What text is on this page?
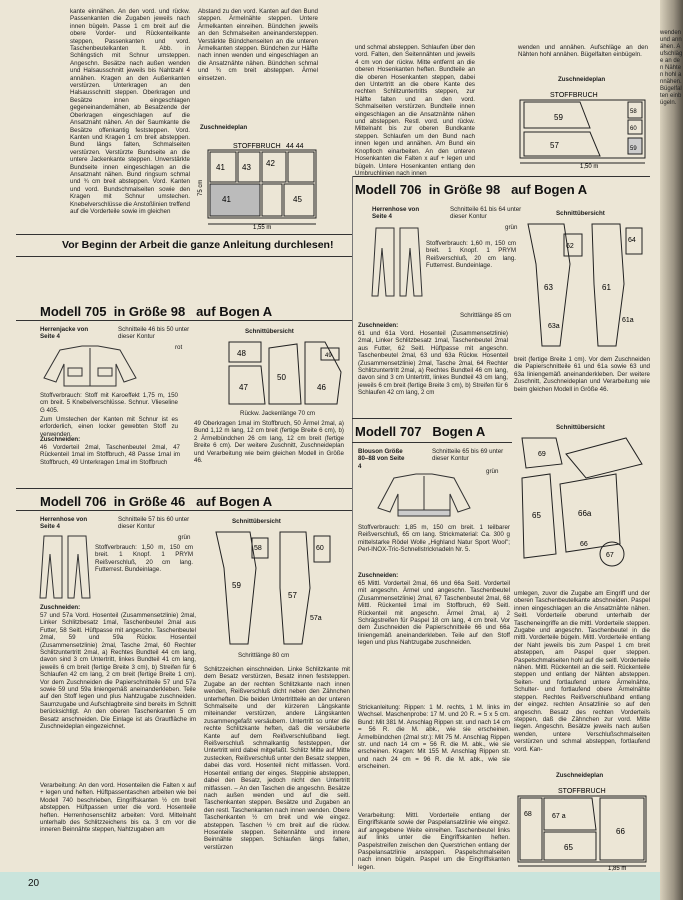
kante einnähen. An den vord. und rückw. Passenkanten die Zugaben jeweils nach innen bügeln. Passe 1 cm breit auf die obere Vorder- und Rückenteilkante steppen, Passenkanten und vord. Taschenbeutelkanten It. Abb. in Schlingstich mit Schnur umsteppen. Angeschn. Besätze nach außen wenden und Halsausschnitt jeweils bis Nahtzahl 4 annähen. Kragen an den Außenkanten verstürzen. Unterkragen an den Halsausschnitt steppen. Oberkragen und Besätze innen eingeschlagen gegeneinandernähen, ab Besatzende der Oberkragen eingeschlagen auf die Ansatznaht nähen. An der Saumkante die Besätze offenkantig feststeppen. Vord. Kanten und Kragen 1 cm breit absteppen. Bund längs falten, Schmalseiten verstürzen. Verstürzte Bundseite an die untere Jackenkante steppen. Unverstärkte Bundseite innen eingeschlagen an die Ansatznaht nähen. Bund ringsum schmal und ¾ cm breit absteppen. Vord. Kanten und vord. Bundschmalseiten sowie den Kragen mit Schnur umstechen. Knebelverschlüsse die Anstoßlinien treffend auf die Vorderteile sowie im gleichen
Abstand zu den vord. Kanten auf den Bund steppen. Ärmelnähte steppen. Untere Ärmelkanten einreihen. Bündchen jeweils an den Schmalseiten aneinandersteppen. Verstärkte Bündchenseiten an die unteren Ärmelkanten steppen. Bündchen zur Hälfte nach innen wenden und eingeschlagen an die Ansatznähte nähen. Bündchen schmal und ¾ cm breit absteppen. Ärmel einsetzen.
Zuschneideplan
STOFFBRUCH 44 44
41 43 42
41	45
75 cm
1,55 m
und schmal absteppen. Schlaufen über den vord. Falten, den Seitennähten und jeweils 4 cm von der rückw. Mitte entfernt an die oberen Hosenkanten heften. Bundteile an die oberen Hosenkanten steppen, dabei den Untertritt an die obere Kante des rechten Schlitzuntertritts steppen, zur Hälfte falten und an den vord. Schmalseiten verstürzen. Bundteile innen eingeschlagen an die Ansatznähte nähen und absteppen. Restl. vord. und rückw. Mittelnaht bis zur oberen Bundkante steppen. Schlaufen um den Bund nach innen legen und annähen. Am Bund ein Knopfloch einarbeiten. An den unteren Hosenkanten die Falten x auf + legen und bügeln. Untere Hosenkanten entlang den Umbruchlinien nach innen
wenden und annähen. Aufschläge an den Nähten hohl annähen. Bügelfalten einbügeln.
Zuschneideplan
STOFFBRUCH
59
57
58
60
59
1,50 m
Modell 706 in Größe 98 auf Bogen A
Vor Beginn der Arbeit die ganze Anleitung durchlesen!
Modell 705 in Größe 98 auf Bogen A
Herrenjacke von Seite 4
Schnitteile 46 bis 50 unter dieser Kontur
rot
Schnittübersicht
48
47
50
46
49
Rückw. Jackenlänge 70 cm
Stoffverbrauch: Stoff mit Karoeffekt 1,75 m, 150 cm breit. 5 Knebelverschlüsse. Schnur. Vlieseline G 405.
Zum Umstechen der Kanten mit Schnur ist es erforderlich, einen locker gewebten Stoff zu verwenden.
Zuschneiden:
46 Vorderteil 2mal, Taschenbeutel 2mal, 47 Rückenteil 1mal im Stoffbruch, 48 Passe 1mal im Stoffbruch, 49 Unterkragen 1mal im Stoffbruch
49 Oberkragen 1mal im Stoffbruch, 50 Ärmel 2mal, a) Bund 1,12 m lang, 12 cm breit (fertige Breite 6 cm), b) 2 Ärmelbündchen 26 cm lang, 12 cm breit (fertige Breite 6 cm). Der weitere Zuschnitt, Zuschneideplan und Verarbeitung wie beim gleichen Modell in Größe 46.
Modell 706 in Größe 46 auf Bogen A
Herrenhose von Seite 4
Schnitteile 57 bis 60 unter dieser Kontur
grün
Stoffverbrauch: 1,50 m, 150 cm breit. 1 Knopf. 1 PRYM Reißverschluß, 20 cm lang. Futterrest. Bundeinlage.
Schnittübersicht
59
57
60
58
57a
Schrittlänge 80 cm
Zuschneiden:
57 und 57a Vord. Hosenteil (Zusammensetzlinie) 2mal, Linker Schlitzbesatz 1mal, Taschenbeutel 2mal aus Futter, 58 Seitl. Hüftpasse mit angeschn. Taschenbeutel 2mal, 59 und 59a Rückw. Hosenteil (Zusammensetzlinie) 2mal, Tasche 2mal, 60 Rechter Schlitzuntertritt 2mal, a) Rechtes Bundteil 44 cm lang, davon sind 3 cm Untertritt, linkes Bundteil 41 cm lang, jeweils 6 cm breit (fertige Breite 3 cm), b) Streifen für 6 Schlaufen 42 cm lang, 2 cm breit (fertige Breite 1 cm). Vor dem Zuschneiden die Papierschnitteile 57 und 57a sowie 59 und 59a liniengemäß aneinanderkleben. Teile auf den Stoff legen und plus Nahtzugabe zuschneiden. Saumzugabe und Aufschlagbreite sind bereits im Schnitt berücksichtigt. An den oberen Taschenkanten 5 cm Besatz anschneiden. Die Einlage ist als Grautfläche im Zuschneideplan eingezeichnet.
Verarbeitung: An den vord. Hosenteilen die Falten x auf + legen und heften. Hüftpassentaschen arbeiten wie bei Modell 740 beschrieben, Eingriffskanten ½ cm breit absteppen. Hüftpassen unter die vord. Hosenteile heften. Herrenhosenschlitz arbeiten: Vord. Mittelnaht unterhalb des Schlitzzeichens bis ca. 3 cm vor die inneren Beinnähte steppen, Nahtzugaben am
Schlitzzeichen einschneiden. Linke Schlitzkante mit dem Besatz verstürzen, Besatz innen feststeppen. Zugabe an der rechten Schlitzkante nach innen wenden, Reißverschluß dicht neben den Zähnchen unterheften. Die beiden Untertrittteile an der unteren Schmalseite und der kürzeren Längskante miteinander verstürzen, andere Längskanten zusammengefaßt versäubern. Untertritt so unter die rechte Schlitzkante heften, daß die versäuberte Kante auf dem Reißverschlußband liegt. Reißverschluß schmalkantig feststeppen, der Untertritt wird dabei mitgefaßt. Schlitz Mitte auf Mitte zustecken, Reißverschluß unter den Besatz steppen, dabei das vord. Hosenteil nicht mitfassen. Vord. Hosenteil entlang der einges. Steppinie absteppen, dabei den Besatz, jedoch nicht den Untertritt mitfassen. – An den Taschen die angeschn. Besätze nach außen wenden und auf die seitl. Taschenkanten steppen. Besätze und Zugaben an den restl. Taschenkanten nach innen wenden. Obere Taschenkanten ½ cm breit und wie eingez. absteppen. Taschen ½ cm breit auf die rückw. Hosenteile steppen. Seitennähte und innere Beinnähte steppen. Schlaufen längs falten, verstürzen
Herrenhose von Seite 4
Schnitteile 61 bis 64 unter dieser Kontur
grün
Stoffverbrauch: 1,60 m, 150 cm breit. 1 Knopf. 1 PRYM Reißverschluß, 20 cm lang. Futterrest. Bundeinlage.
Schrittlänge 85 cm
Schnittübersicht
63	61
62
64
63a
61a
Zuschneiden:
61 und 61a Vord. Hosenteil (Zusammensetzlinie) 2mal, Linker Schlitzbesatz 1mal, Taschenbeutel 2mal aus Futter, 62 Seitl. Hüftpasse mit angeschn. Taschenbeutel 2mal, 63 und 63a Rückw. Hosenteil (Zusammensetzlinie) 2mal, Tasche 2mal, 64 Rechter Schlitzuntertritt 2mal, a) Rechtes Bundteil 46 cm lang, davon sind 3 cm Untertritt, linkes Bundteil 43 cm lang, jeweils 6 cm breit (fertige Breite 3 cm), b) Streifen für 6 Schlaufen 42 cm lang, 2 cm
breit (fertige Breite 1 cm). Vor dem Zuschneiden die Papierschnitteile 61 und 61a sowie 63 und 63a liniengemäß aneinanderkleben. Der weitere Zuschnitt, Zuschneideplan und Verarbeitung wie beim gleichen Modell in Größe 46.
Modell 707 Bogen A
Blouson Größe 80–88 von Seite 4
Schnitteile 65 bis 69 unter dieser Kontur
grün
Stoffverbrauch: 1,85 m, 150 cm breit. 1 teilbarer Reißverschluß, 65 cm lang. Strickmaterial: Ca. 300 g mittelstarke Rödel Wolle „Highland Natur Sport Wool"; Perl-INOX-Tric-Schnellstricknadeln Nr. 5.
Schnittübersicht
69
65	66a
67
66
Zuschneiden:
65 Mittl. Vorderteil 2mal, 66 und 66a Seitl. Vorderteil mit angeschn. Ärmel und angeschn. Taschenbeutel (Zusammensetzlinie) 2mal, 67 Taschenbeutel 2mal, 68 Mittl. Rückenteil 1mal im Stoffbruch, 69 Seitl. Rückenteil mit angeschn. Ärmel 2mal, a) 2 Schrägstreifen für Paspel 18 cm lang, 4 cm breit. Vor dem Zuschneiden die Papierschnitteile 66 und 66a liniengemäß aneinanderkleben. Teile auf den Stoff legen und plus Nahtzugabe zuschneiden.
Strickanleitung: Rippen: 1 M. rechts, 1 M. links im Wechsel. Maschenprobe: 17 M. und 20 R. = 5 x 5 cm. Bund: Mit 381 M. Anschlag Rippen str. und nach 14 cm = 56 R. die M. abk., wie sie erscheinen. Ärmelbündchen (2mal str.): Mit 75 M. Anschlag Rippen str. und nach 14 cm = 56 R. die M. abk., wie sie erscheinen. Kragen: Mit 155 M. Anschlag Rippen str. und nach 24 cm = 96 R. die M. abk., wie sie erscheinen.
Verarbeitung: Mittl. Vorderteile entlang der Eingriffskante sowie der Paspelansatzlinie wie eingez. auf angegebene Weite einreihen. Taschenbeutel links auf links unter die Eingriffskanten heften. Paspelstreifen zwischen den Querstrichen entlang der Paspelansatzlinie ansteppen. Paspelschmalseiten nach innen bügeln. Paspel um die Eingriffskanten legen.
umlegen, zuvor die Zugabe am Eingriff und der oberen Taschenbeutelkante abschneiden. Paspel innen eingeschlagen an die Ansatznähte nähen. Seitl. Vorderteile oberund unterhalb der Tascheneingriffe an die mittl. Vorderteile steppen. Zugabe und angeschn. Taschenbeutel in die mittl. Vorderteile bügeln. Mittl. Vorderteile entlang der Naht jeweils bis zum Paspel 1 cm breit absteppen, am Paspel quer steppen. Paspelschmalseiten hohl auf die seitl. Vorderteile nähen. Mittl. Rückenteil an die seitl. Rückenteile steppen und entlang der Nähten absteppen. Seiten- und fortlaufend untere Ärmelnähte, Schulter- und fortlaufend obere Ärmelnähte steppen. Rechtes Reißverschlußband entlang der eingez. rechten Ansatzlinie so auf den angeschn. Besatz des rechten Vorderteils steppen, daß die Zähnchen zur vord. Mitte liegen. Angeschn. Besätze jeweils nach außen wenden, untere Verschlußschmalseiten verstürzen und schmal absteppen, fortlaufend vord. Kan-
Zuschneideplan
STOFFBRUCH
68	67 a
65
66
1,85 m
20
wenden und annähen. Aufschläge an den Nähten hohl annähen. Bügelfalten einbügeln.
